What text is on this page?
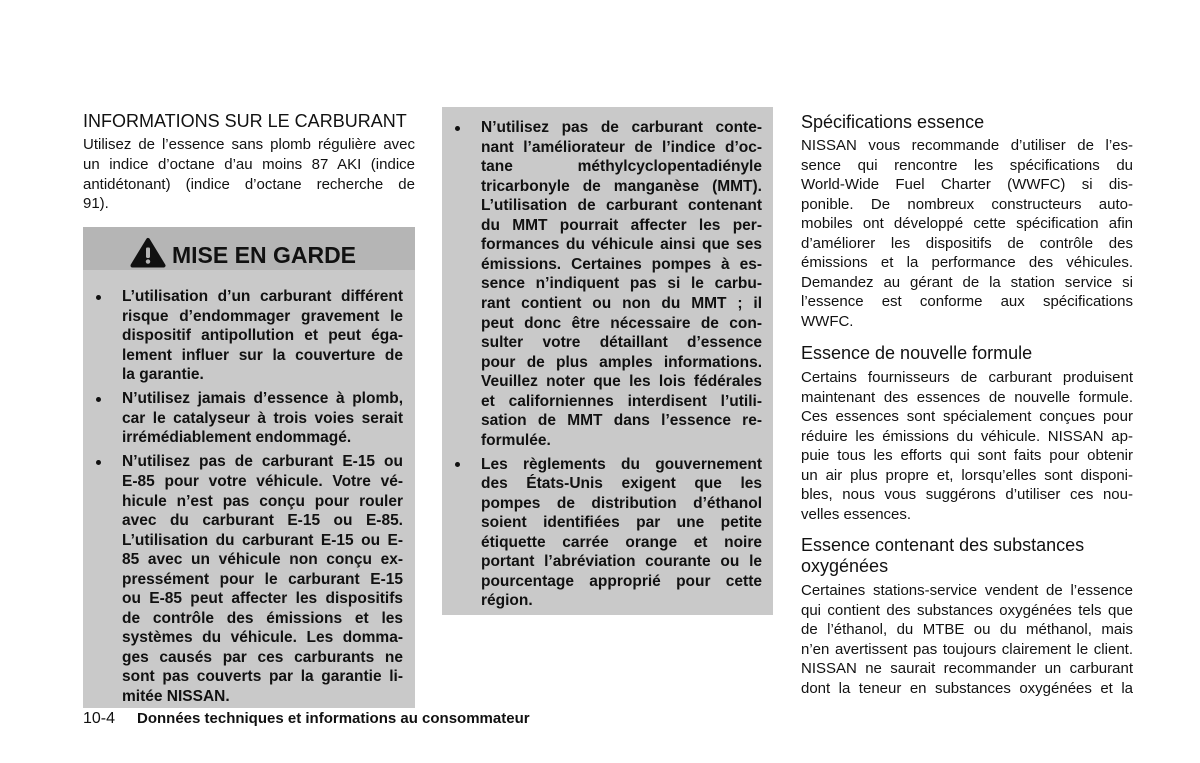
INFORMATIONS SUR LE CARBURANT
Utilisez de l’essence sans plomb régulière avec
un indice d’octane d’au moins 87 AKI (indice
antidétonant) (indice d’octane recherche de
91).
MISE EN GARDE
L’utilisation d’un carburant différent
risque d’endommager gravement le
dispositif antipollution et peut éga-
lement influer sur la couverture de
la garantie.
N’utilisez jamais d’essence à plomb,
car le catalyseur à trois voies serait
irrémédiablement endommagé.
N’utilisez pas de carburant E-15 ou
E-85 pour votre véhicule. Votre vé-
hicule n’est pas conçu pour rouler
avec du carburant E-15 ou E-85.
L’utilisation du carburant E-15 ou E-
85 avec un véhicule non conçu ex-
pressément pour le carburant E-15
ou E-85 peut affecter les dispositifs
de contrôle des émissions et les
systèmes du véhicule. Les domma-
ges causés par ces carburants ne
sont pas couverts par la garantie li-
mitée NISSAN.
N’utilisez pas de carburant conte-
nant l’améliorateur de l’indice d’oc-
tane méthylcyclopentadiényle
tricarbonyle de manganèse (MMT).
L’utilisation de carburant contenant
du MMT pourrait affecter les per-
formances du véhicule ainsi que ses
émissions. Certaines pompes à es-
sence n’indiquent pas si le carbu-
rant contient ou non du MMT ; il
peut donc être nécessaire de con-
sulter votre détaillant d’essence
pour de plus amples informations.
Veuillez noter que les lois fédérales
et californiennes interdisent l’utili-
sation de MMT dans l’essence re-
formulée.
Les règlements du gouvernement
des États-Unis exigent que les
pompes de distribution d’éthanol
soient identifiées par une petite
étiquette carrée orange et noire
portant l’abréviation courante ou le
pourcentage approprié pour cette
région.
Spécifications essence
NISSAN vous recommande d’utiliser de l’es-
sence qui rencontre les spécifications du
World-Wide Fuel Charter (WWFC) si dis-
ponible. De nombreux constructeurs auto-
mobiles ont développé cette spécification afin
d’améliorer les dispositifs de contrôle des
émissions et la performance des véhicules.
Demandez au gérant de la station service si
l’essence est conforme aux spécifications
WWFC.
Essence de nouvelle formule
Certains fournisseurs de carburant produisent
maintenant des essences de nouvelle formule.
Ces essences sont spécialement conçues pour
réduire les émissions du véhicule. NISSAN ap-
puie tous les efforts qui sont faits pour obtenir
un air plus propre et, lorsqu’elles sont disponi-
bles, nous vous suggérons d’utiliser ces nou-
velles essences.
Essence contenant des substances
oxygénées
Certaines stations-service vendent de l’essence
qui contient des substances oxygénées tels que
de l’éthanol, du MTBE ou du méthanol, mais
n’en avertissent pas toujours clairement le client.
NISSAN ne saurait recommander un carburant
dont la teneur en substances oxygénées et la
10-4 Données techniques et informations au consommateur
